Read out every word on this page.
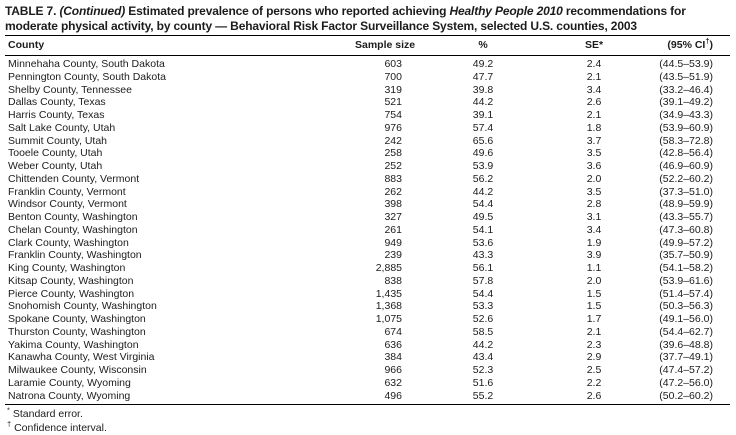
TABLE 7. (Continued) Estimated prevalence of persons who reported achieving Healthy People 2010 recommendations for
moderate physical activity, by county — Behavioral Risk Factor Surveillance System, selected U.S. counties, 2003
County	Sample size	%	SE*	(95% CI†)
Minnehaha County, South Dakota	603	49.2	2.4	(44.5–53.9)
Pennington County, South Dakota	700	47.7	2.1	(43.5–51.9)
Shelby County, Tennessee	319	39.8	3.4	(33.2–46.4)
Dallas County, Texas	521	44.2	2.6	(39.1–49.2)
Harris County, Texas	754	39.1	2.1	(34.9–43.3)
Salt Lake County, Utah	976	57.4	1.8	(53.9–60.9)
Summit County, Utah	242	65.6	3.7	(58.3–72.8)
Tooele County, Utah	258	49.6	3.5	(42.8–56.4)
Weber County, Utah	252	53.9	3.6	(46.9–60.9)
Chittenden County, Vermont	883	56.2	2.0	(52.2–60.2)
Franklin County, Vermont	262	44.2	3.5	(37.3–51.0)
Windsor County, Vermont	398	54.4	2.8	(48.9–59.9)
Benton County, Washington	327	49.5	3.1	(43.3–55.7)
Chelan County, Washington	261	54.1	3.4	(47.3–60.8)
Clark County, Washington	949	53.6	1.9	(49.9–57.2)
Franklin County, Washington	239	43.3	3.9	(35.7–50.9)
King County, Washington	2,885	56.1	1.1	(54.1–58.2)
Kitsap County, Washington	838	57.8	2.0	(53.9–61.6)
Pierce County, Washington	1,435	54.4	1.5	(51.4–57.4)
Snohomish County, Washington	1,368	53.3	1.5	(50.3–56.3)
Spokane County, Washington	1,075	52.6	1.7	(49.1–56.0)
Thurston County, Washington	674	58.5	2.1	(54.4–62.7)
Yakima County, Washington	636	44.2	2.3	(39.6–48.8)
Kanawha County, West Virginia	384	43.4	2.9	(37.7–49.1)
Milwaukee County, Wisconsin	966	52.3	2.5	(47.4–57.2)
Laramie County, Wyoming	632	51.6	2.2	(47.2–56.0)
Natrona County, Wyoming	496	55.2	2.6	(50.2–60.2)
* Standard error.
† Confidence interval.
